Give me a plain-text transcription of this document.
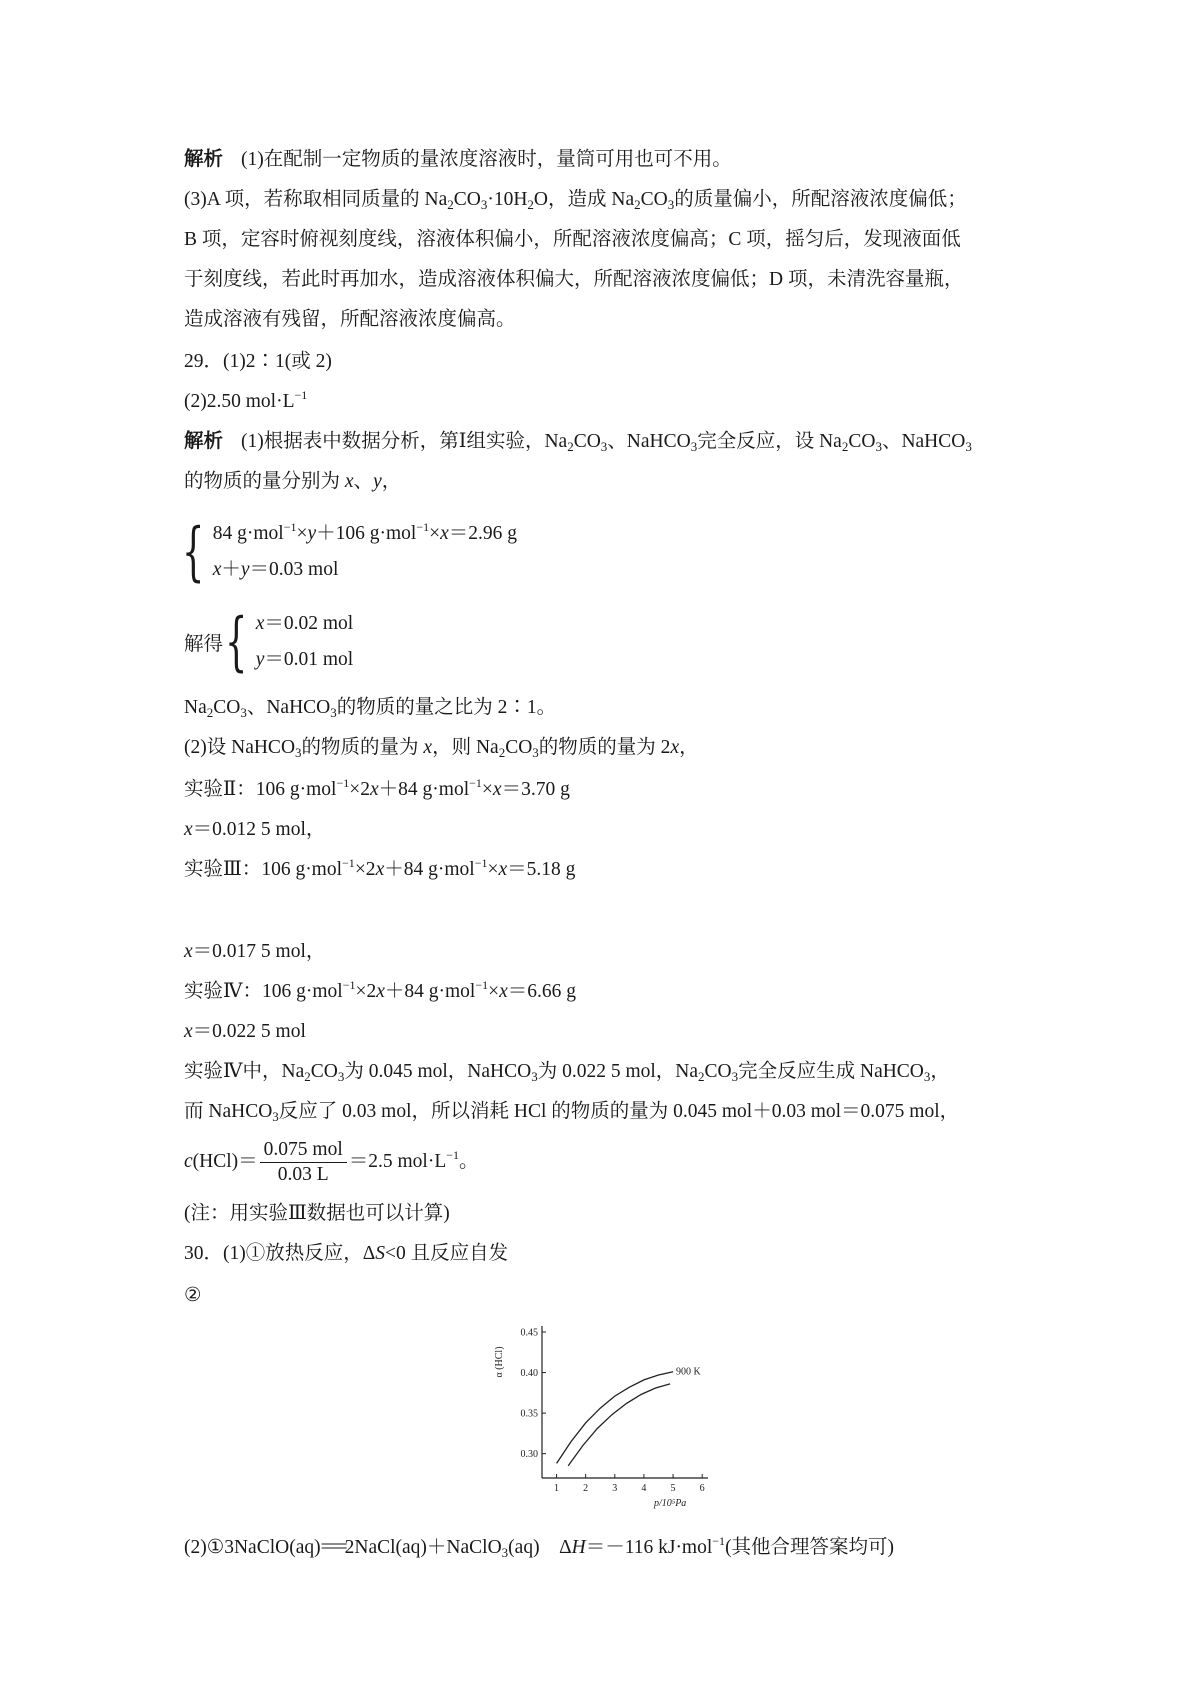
解析 (1)在配制一定物质的量浓度溶液时，量筒可用也可不用。
(3)A 项，若称取相同质量的 $Na_2CO_3\cdot 10H_2O$，造成 $Na_2CO_3$的质量偏小，所配溶液浓度偏低；
B 项，定容时俯视刻度线，溶液体积偏小，所配溶液浓度偏高；C 项，摇匀后，发现液面低
于刻度线，若此时再加水，造成溶液体积偏大，所配溶液浓度偏低；D 项，未清洗容量瓶，
造成溶液有残留，所配溶液浓度偏高。
29．(1)2∶1(或 2)
(2)2.50 $mol\cdot L^{-1}$
解析 (1)根据表中数据分析，第Ⅰ组实验，$Na_2CO_3$、NaHCO$_3$完全反应，设 $Na_2CO_3$、NaHCO$_3$
的物质的量分别为 x、y，
{ 84 g·mol$^{-1}$×y＋106 g·mol$^{-1}$×x＝2.96 g
x＋y＝0.03 mol
解得 { x＝0.02 mol
y＝0.01 mol
$Na_2CO_3$、NaHCO$_3$的物质的量之比为 2∶1。
(2)设 NaHCO$_3$的物质的量为 x，则 $Na_2CO_3$的物质的量为 2x，
实验Ⅱ：106 g·mol$^{-1}$×2x＋84 g·mol$^{-1}$×x＝3.70 g
x＝0.012 5 mol，
实验Ⅲ：106 g·mol$^{-1}$×2x＋84 g·mol$^{-1}$×x＝5.18 g
x＝0.017 5 mol，
实验Ⅳ：106 g·mol$^{-1}$×2x＋84 g·mol$^{-1}$×x＝6.66 g
x＝0.022 5 mol
实验Ⅳ中，$Na_2CO_3$为 0.045 mol，NaHCO$_3$为 0.022 5 mol，$Na_2CO_3$完全反应生成 NaHCO$_3$，
而 NaHCO$_3$反应了 0.03 mol，所以消耗 HCl 的物质的量为 0.045 mol＋0.03 mol＝0.075 mol，
$c(HCl)= \frac{\text{0.075 mol}}{0.03 L} =2.5$ $mol\cdot L^{-1}$。
(注：用实验Ⅲ数据也可以计算)
30．(1)①放热反应，ΔS<0 且反应自发
②
0.30
0.35
0.40
0.45
1 2 3 4 5 6
p/10⁵Pa
α (HCl)	900 K
(2)①3NaClO(aq)===2NaCl(aq)＋NaClO$_3$(aq)　ΔH＝－116 kJ·mol$^{-1}$(其他合理答案均可)
